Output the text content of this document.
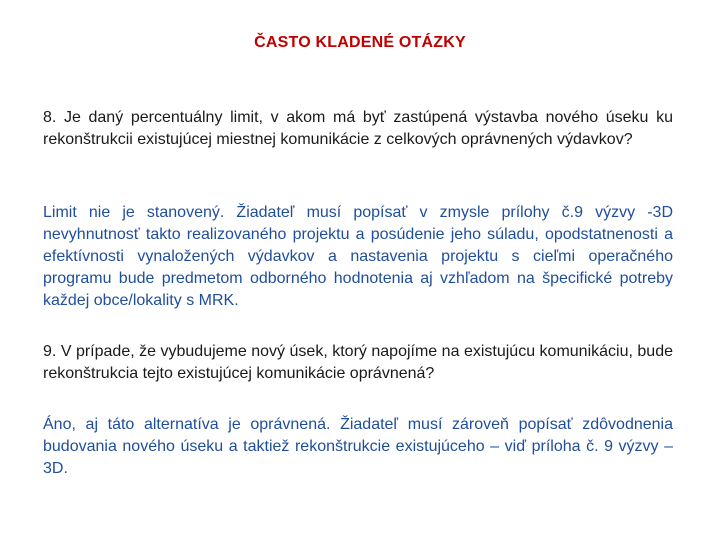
ČASTO KLADENÉ OTÁZKY
8. Je daný percentuálny limit, v akom má byť zastúpená výstavba nového úseku ku rekonštrukcii existujúcej miestnej komunikácie z celkových oprávnených výdavkov?
Limit nie je stanovený. Žiadateľ musí popísať v zmysle prílohy č.9 výzvy -3D nevyhnutnosť takto realizovaného projektu a posúdenie jeho súladu, opodstatnenosti a efektívnosti vynaložených výdavkov a nastavenia projektu s cieľmi operačného programu bude predmetom odborného hodnotenia aj vzhľadom na špecifické potreby každej obce/lokality s MRK.
9. V prípade, že vybudujeme nový úsek, ktorý napojíme na existujúcu komunikáciu, bude rekonštrukcia tejto existujúcej komunikácie oprávnená?
Áno, aj táto alternatíva je oprávnená. Žiadateľ musí zároveň popísať zdôvodnenia budovania nového úseku a taktiež rekonštrukcie existujúceho – viď príloha č. 9 výzvy – 3D.
